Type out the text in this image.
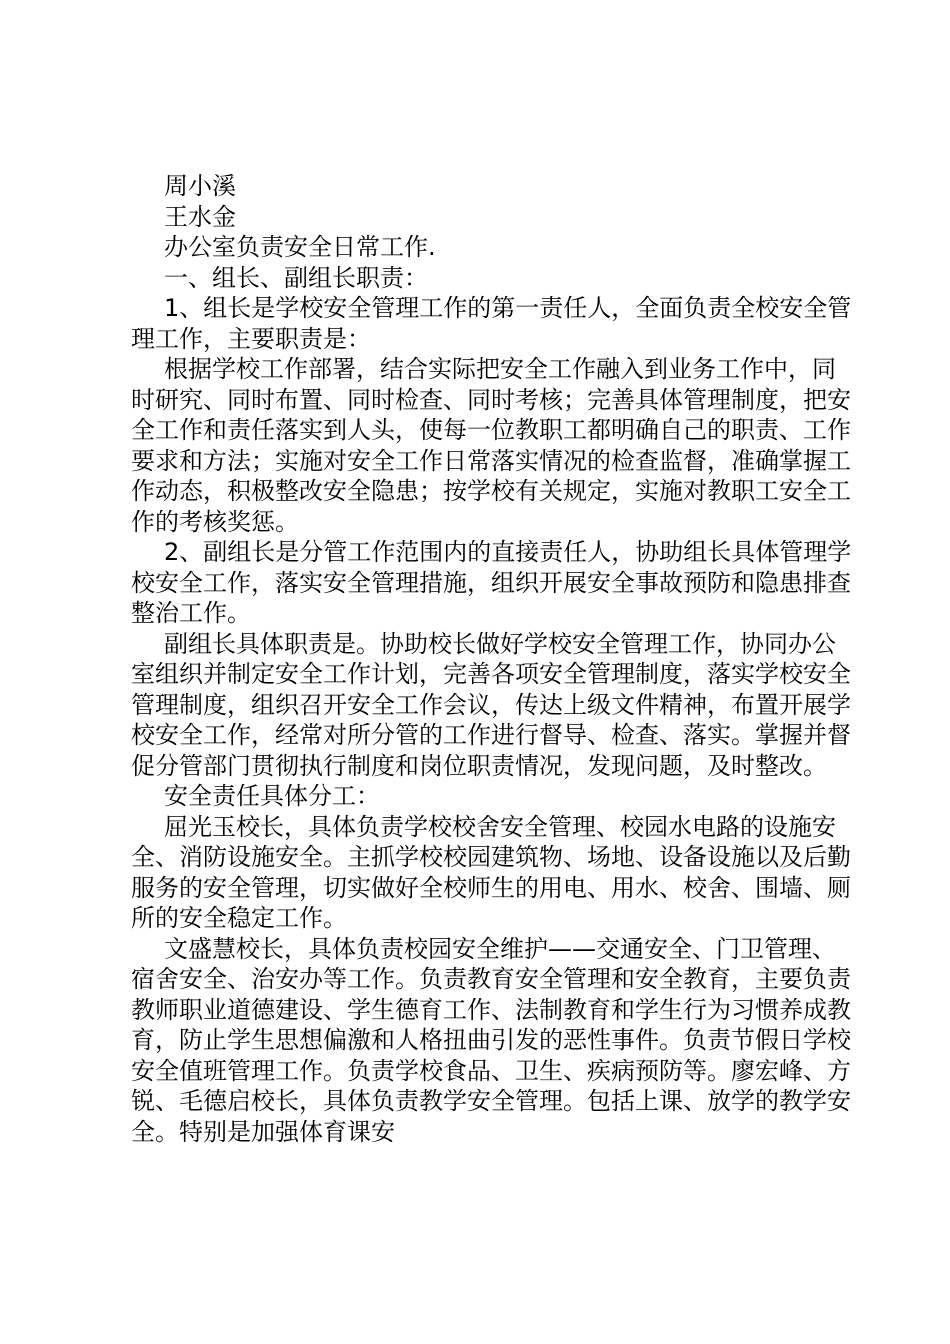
周小溪

王水金

办公室负责安全日常工作.

一、组长、副组长职责：

1、组长是学校安全管理工作的第一责任人，全面负责全校安全管理工作，主要职责是：

根据学校工作部署，结合实际把安全工作融入到业务工作中，同时研究、同时布置、同时检查、同时考核；完善具体管理制度，把安全工作和责任落实到人头，使每一位教职工都明确自己的职责、工作要求和方法；实施对安全工作日常落实情况的检查监督，准确掌握工作动态，积极整改安全隐患；按学校有关规定，实施对教职工安全工作的考核奖惩。

2、副组长是分管工作范围内的直接责任人，协助组长具体管理学校安全工作，落实安全管理措施，组织开展安全事故预防和隐患排查整治工作。

副组长具体职责是。协助校长做好学校安全管理工作，协同办公室组织并制定安全工作计划，完善各项安全管理制度，落实学校安全管理制度，组织召开安全工作会议，传达上级文件精神，布置开展学校安全工作，经常对所分管的工作进行督导、检查、落实。掌握并督促分管部门贯彻执行制度和岗位职责情况，发现问题，及时整改。

安全责任具体分工：

屈光玉校长，具体负责学校校舍安全管理、校园水电路的设施安全、消防设施安全。主抓学校校园建筑物、场地、设备设施以及后勤服务的安全管理，切实做好全校师生的用电、用水、校舍、围墙、厕所的安全稳定工作。

文盛慧校长，具体负责校园安全维护——交通安全、门卫管理、宿舍安全、治安办等工作。负责教育安全管理和安全教育，主要负责教师职业道德建设、学生德育工作、法制教育和学生行为习惯养成教育，防止学生思想偏激和人格扭曲引发的恶性事件。负责节假日学校安全值班管理工作。负责学校食品、卫生、疾病预防等。廖宏峰、方锐、毛德启校长，具体负责教学安全管理。包括上课、放学的教学安全。特别是加强体育课安
